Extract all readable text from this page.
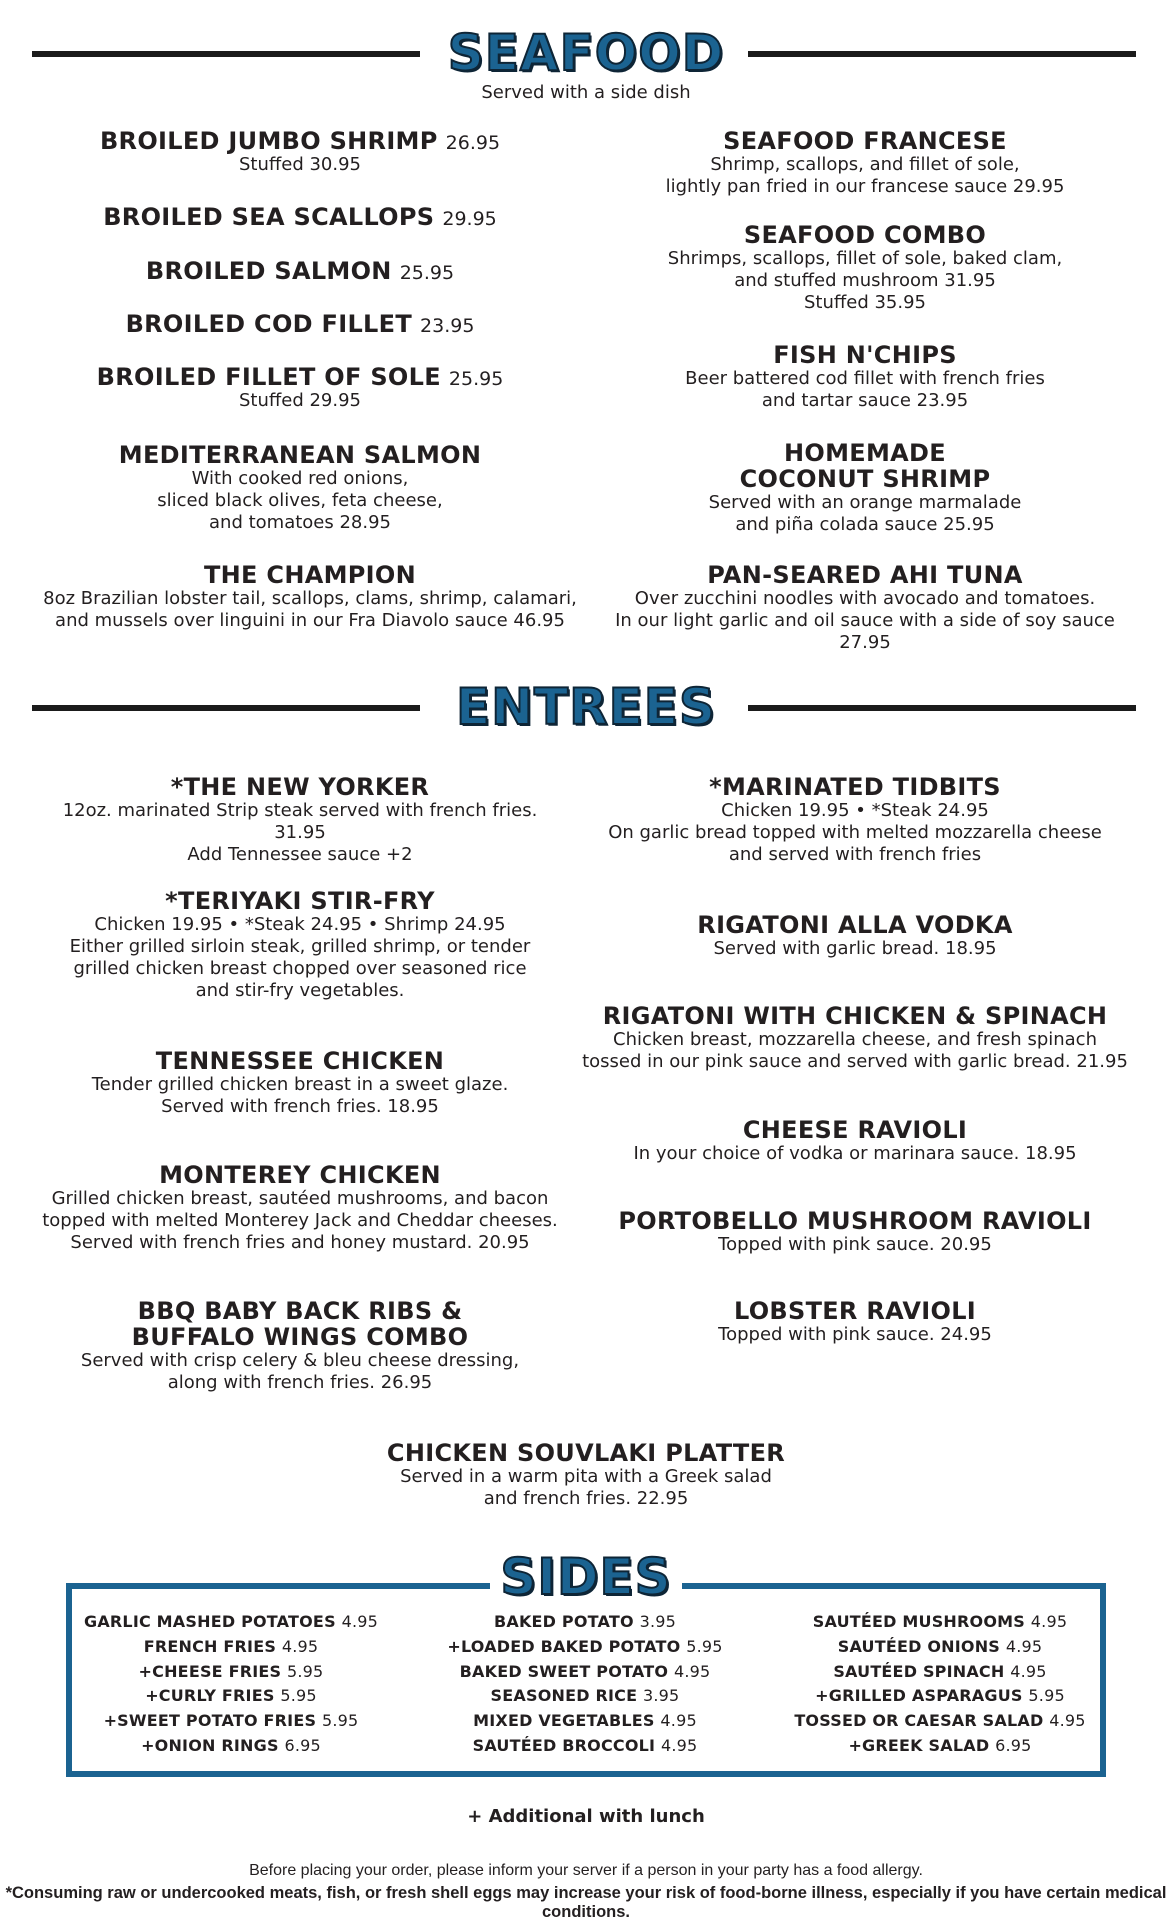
SEAFOOD
Served with a side dish
BROILED JUMBO SHRIMP 26.95
Stuffed 30.95
BROILED SEA SCALLOPS 29.95
BROILED SALMON 25.95
BROILED COD FILLET 23.95
BROILED FILLET OF SOLE 25.95
Stuffed 29.95
MEDITERRANEAN SALMON
With cooked red onions,
sliced black olives, feta cheese,
and tomatoes 28.95
THE CHAMPION
8oz Brazilian lobster tail, scallops, clams, shrimp, calamari,
and mussels over linguini in our Fra Diavolo sauce 46.95
SEAFOOD FRANCESE
Shrimp, scallops, and fillet of sole,
lightly pan fried in our francese sauce 29.95
SEAFOOD COMBO
Shrimps, scallops, fillet of sole, baked clam,
and stuffed mushroom 31.95
Stuffed 35.95
FISH N'CHIPS
Beer battered cod fillet with french fries
and tartar sauce 23.95
HOMEMADE
COCONUT SHRIMP
Served with an orange marmalade
and piña colada sauce 25.95
PAN-SEARED AHI TUNA
Over zucchini noodles with avocado and tomatoes.
In our light garlic and oil sauce with a side of soy sauce 27.95
ENTREES
*THE NEW YORKER
12oz. marinated Strip steak served with french fries. 31.95
Add Tennessee sauce +2
*TERIYAKI STIR-FRY
Chicken 19.95 • *Steak 24.95 • Shrimp 24.95
Either grilled sirloin steak, grilled shrimp, or tender
grilled chicken breast chopped over seasoned rice
and stir-fry vegetables.
TENNESSEE CHICKEN
Tender grilled chicken breast in a sweet glaze.
Served with french fries. 18.95
MONTEREY CHICKEN
Grilled chicken breast, sautéed mushrooms, and bacon
topped with melted Monterey Jack and Cheddar cheeses.
Served with french fries and honey mustard. 20.95
BBQ BABY BACK RIBS &
BUFFALO WINGS COMBO
Served with crisp celery & bleu cheese dressing,
along with french fries. 26.95
*MARINATED TIDBITS
Chicken 19.95 • *Steak 24.95
On garlic bread topped with melted mozzarella cheese
and served with french fries
RIGATONI ALLA VODKA
Served with garlic bread. 18.95
RIGATONI WITH CHICKEN & SPINACH
Chicken breast, mozzarella cheese, and fresh spinach
tossed in our pink sauce and served with garlic bread. 21.95
CHEESE RAVIOLI
In your choice of vodka or marinara sauce. 18.95
PORTOBELLO MUSHROOM RAVIOLI
Topped with pink sauce. 20.95
LOBSTER RAVIOLI
Topped with pink sauce. 24.95
CHICKEN SOUVLAKI PLATTER
Served in a warm pita with a Greek salad
and french fries. 22.95
SIDES
GARLIC MASHED POTATOES 4.95
FRENCH FRIES 4.95
+CHEESE FRIES 5.95
+CURLY FRIES 5.95
+SWEET POTATO FRIES 5.95
+ONION RINGS 6.95
BAKED POTATO 3.95
+LOADED BAKED POTATO 5.95
BAKED SWEET POTATO 4.95
SEASONED RICE 3.95
MIXED VEGETABLES 4.95
SAUTÉED BROCCOLI 4.95
SAUTÉED MUSHROOMS 4.95
SAUTÉED ONIONS 4.95
SAUTÉED SPINACH 4.95
+GRILLED ASPARAGUS 5.95
TOSSED OR CAESAR SALAD 4.95
+GREEK SALAD 6.95
+ Additional with lunch
Before placing your order, please inform your server if a person in your party has a food allergy.
*Consuming raw or undercooked meats, fish, or fresh shell eggs may increase your risk of food-borne illness, especially if you have certain medical conditions.
